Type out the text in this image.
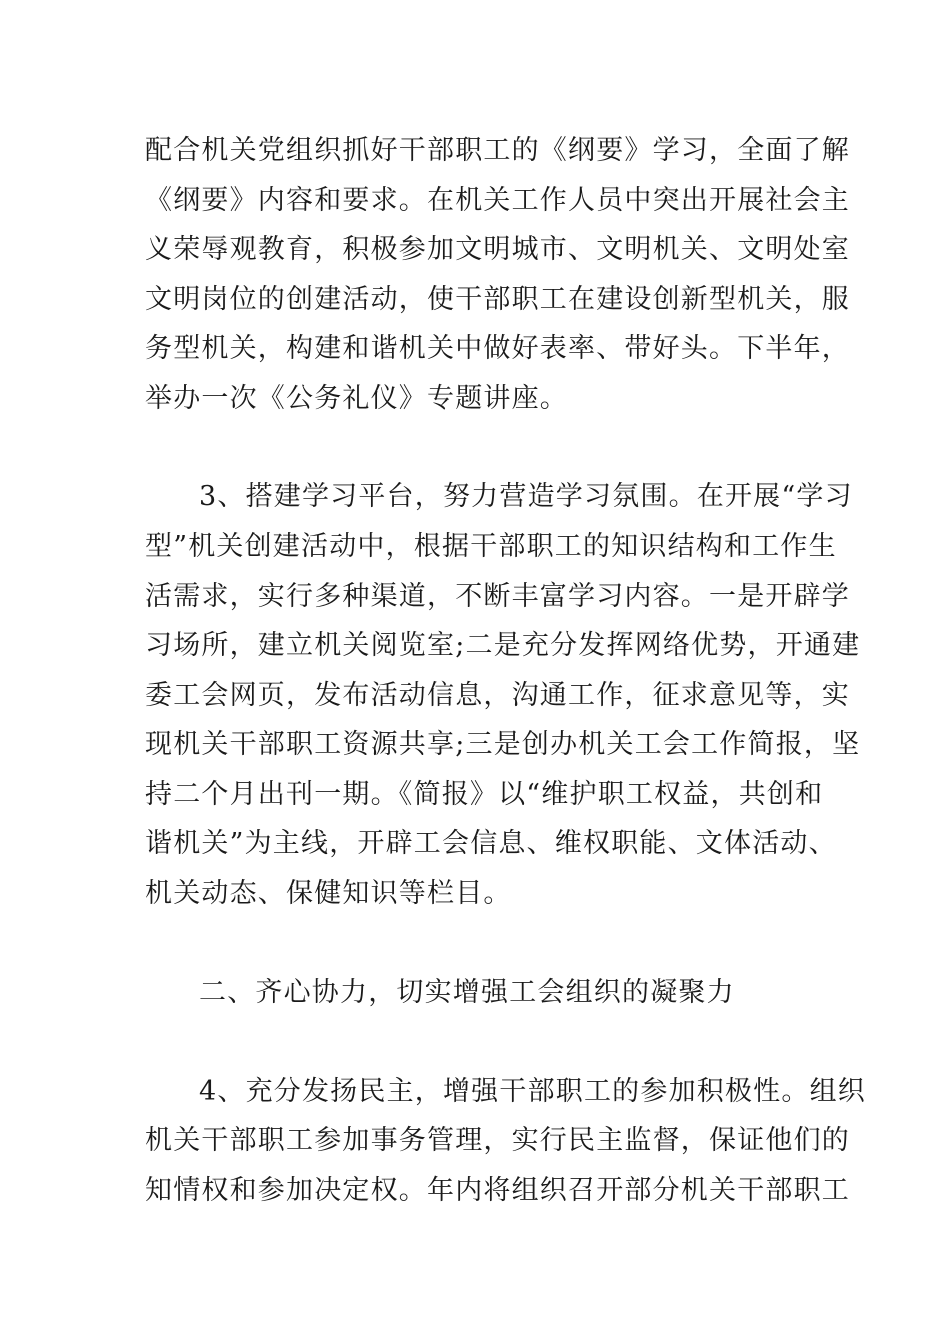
配合机关党组织抓好干部职工的《纲要》学习，全面了解
《纲要》内容和要求。在机关工作人员中突出开展社会主
义荣辱观教育，积极参加文明城市、文明机关、文明处室
文明岗位的创建活动，使干部职工在建设创新型机关，服
务型机关，构建和谐机关中做好表率、带好头。下半年，
举办一次《公务礼仪》专题讲座。
3、搭建学习平台，努力营造学习氛围。在开展“学习
型”机关创建活动中，根据干部职工的知识结构和工作生
活需求，实行多种渠道，不断丰富学习内容。一是开辟学
习场所，建立机关阅览室;二是充分发挥网络优势，开通建
委工会网页，发布活动信息，沟通工作，征求意见等，实
现机关干部职工资源共享;三是创办机关工会工作简报，坚
持二个月出刊一期。《简报》以“维护职工权益，共创和
谐机关”为主线，开辟工会信息、维权职能、文体活动、
机关动态、保健知识等栏目。
二、齐心协力，切实增强工会组织的凝聚力
4、充分发扬民主，增强干部职工的参加积极性。组织
机关干部职工参加事务管理，实行民主监督，保证他们的
知情权和参加决定权。年内将组织召开部分机关干部职工
